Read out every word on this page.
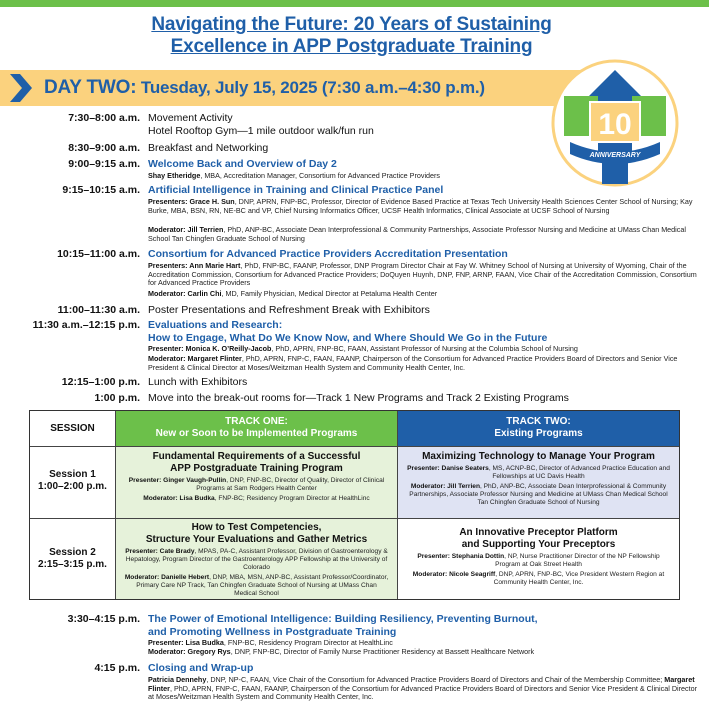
Navigating the Future: 20 Years of Sustaining
Excellence in APP Postgraduate Training
DAY TWO: Tuesday, July 15, 2025 (7:30 a.m.–4:30 p.m.)
10
ANNIVERSARY
7:30–8:00 a.m. Movement Activity
Hotel Rooftop Gym—1 mile outdoor walk/fun run
8:30–9:00 a.m. Breakfast and Networking
9:00–9:15 a.m. Welcome Back and Overview of Day 2
Shay Etheridge, MBA, Accreditation Manager, Consortium for Advanced Practice Providers
9:15–10:15 a.m. Artificial Intelligence in Training and Clinical Practice Panel
Presenters: Grace H. Sun, DNP, APRN, FNP-BC, Professor, Director of Evidence Based Practice at Texas Tech University Health Sciences Center School of Nursing; Kay Burke, MBA, BSN, RN, NE-BC and VP, Chief Nursing Informatics Officer, UCSF Health Informatics, Clinical Associate at UCSF School of Nursing
Moderator: Jill Terrien, PhD, ANP-BC, Associate Dean Interprofessional & Community Partnerships, Associate Professor Nursing and Medicine at UMass Chan Medical School Tan Chingfen Graduate School of Nursing
10:15–11:00 a.m. Consortium for Advanced Practice Providers Accreditation Presentation
Presenters: Ann Marie Hart, PhD, FNP-BC, FAANP, Professor, DNP Program Director Chair at Fay W. Whitney School of Nursing at University of Wyoming, Chair of the Accreditation Commission, Consortium for Advanced Practice Providers; DoQuyen Huynh, DNP, FNP, ARNP, FAAN, Vice Chair of the Accreditation Commission, Consortium for Advanced Practice Providers
Moderator: Carlin Chi, MD, Family Physician, Medical Director at Petaluma Health Center
11:00–11:30 a.m. Poster Presentations and Refreshment Break with Exhibitors
11:30 a.m.–12:15 p.m. Evaluations and Research:
How to Engage, What Do We Know Now, and Where Should We Go in the Future
Presenter: Monica K. O’Reilly-Jacob, PhD, APRN, FNP-BC, FAAN, Assistant Professor of Nursing at the Columbia School of Nursing
Moderator: Margaret Flinter, PhD, APRN, FNP-C, FAAN, FAANP, Chairperson of the Consortium for Advanced Practice Providers Board of Directors and Senior Vice President & Clinical Director at Moses/Weitzman Health System and Community Health Center, Inc.
12:15–1:00 p.m. Lunch with Exhibitors
1:00 p.m. Move into the break-out rooms for—Track 1 New Programs and Track 2 Existing Programs
SESSION
TRACK ONE:
New or Soon to be Implemented Programs
TRACK TWO:
Existing Programs
Session 1
1:00–2:00 p.m.
Fundamental Requirements of a Successful
APP Postgraduate Training Program
Presenter: Ginger Vaugh-Pullin, DNP, FNP-BC, Director of Quality, Director of Clinical Programs at Sam Rodgers Health Center
Moderator: Lisa Budka, FNP-BC; Residency Program Director at HealthLinc
Maximizing Technology to Manage Your Program
Presenter: Danise Seaters, MS, ACNP-BC, Director of Advanced Practice Education and Fellowships at UC Davis Health
Moderator: Jill Terrien, PhD, ANP-BC, Associate Dean Interprofessional & Community Partnerships, Associate Professor Nursing and Medicine at UMass Chan Medical School Tan Chingfen Graduate School of Nursing
Session 2
2:15–3:15 p.m.
How to Test Competencies,
Structure Your Evaluations and Gather Metrics
Presenter: Cate Brady, MPAS, PA-C, Assistant Professor, Division of Gastroenterology & Hepatology, Program Director of the Gastroenterology APP Fellowship at the University of Colorado
Moderator: Danielle Hebert, DNP, MBA, MSN, ANP-BC, Assistant Professor/Coordinator, Primary Care NP Track, Tan Chingfen Graduate School of Nursing at UMass Chan Medical School
An Innovative Preceptor Platform
and Supporting Your Preceptors
Presenter: Stephania Dottin, NP, Nurse Practitioner Director of the NP Fellowship Program at Oak Street Health
Moderator: Nicole Seagriff, DNP, APRN, FNP-BC, Vice President Western Region at Community Health Center, Inc.
3:30–4:15 p.m. The Power of Emotional Intelligence: Building Resiliency, Preventing Burnout,
and Promoting Wellness in Postgraduate Training
Presenter: Lisa Budka, FNP-BC, Residency Program Director at HealthLinc
Moderator: Gregory Rys, DNP, FNP-BC, Director of Family Nurse Practitioner Residency at Bassett Healthcare Network
4:15 p.m. Closing and Wrap-up
Patricia Dennehy, DNP, NP-C, FAAN, Vice Chair of the Consortium for Advanced Practice Providers Board of Directors and Chair of the Membership Committee; Margaret Flinter, PhD, APRN, FNP-C, FAAN, FAANP, Chairperson of the Consortium for Advanced Practice Providers Board of Directors and Senior Vice President & Clinical Director at Moses/Weitzman Health System and Community Health Center, Inc.
